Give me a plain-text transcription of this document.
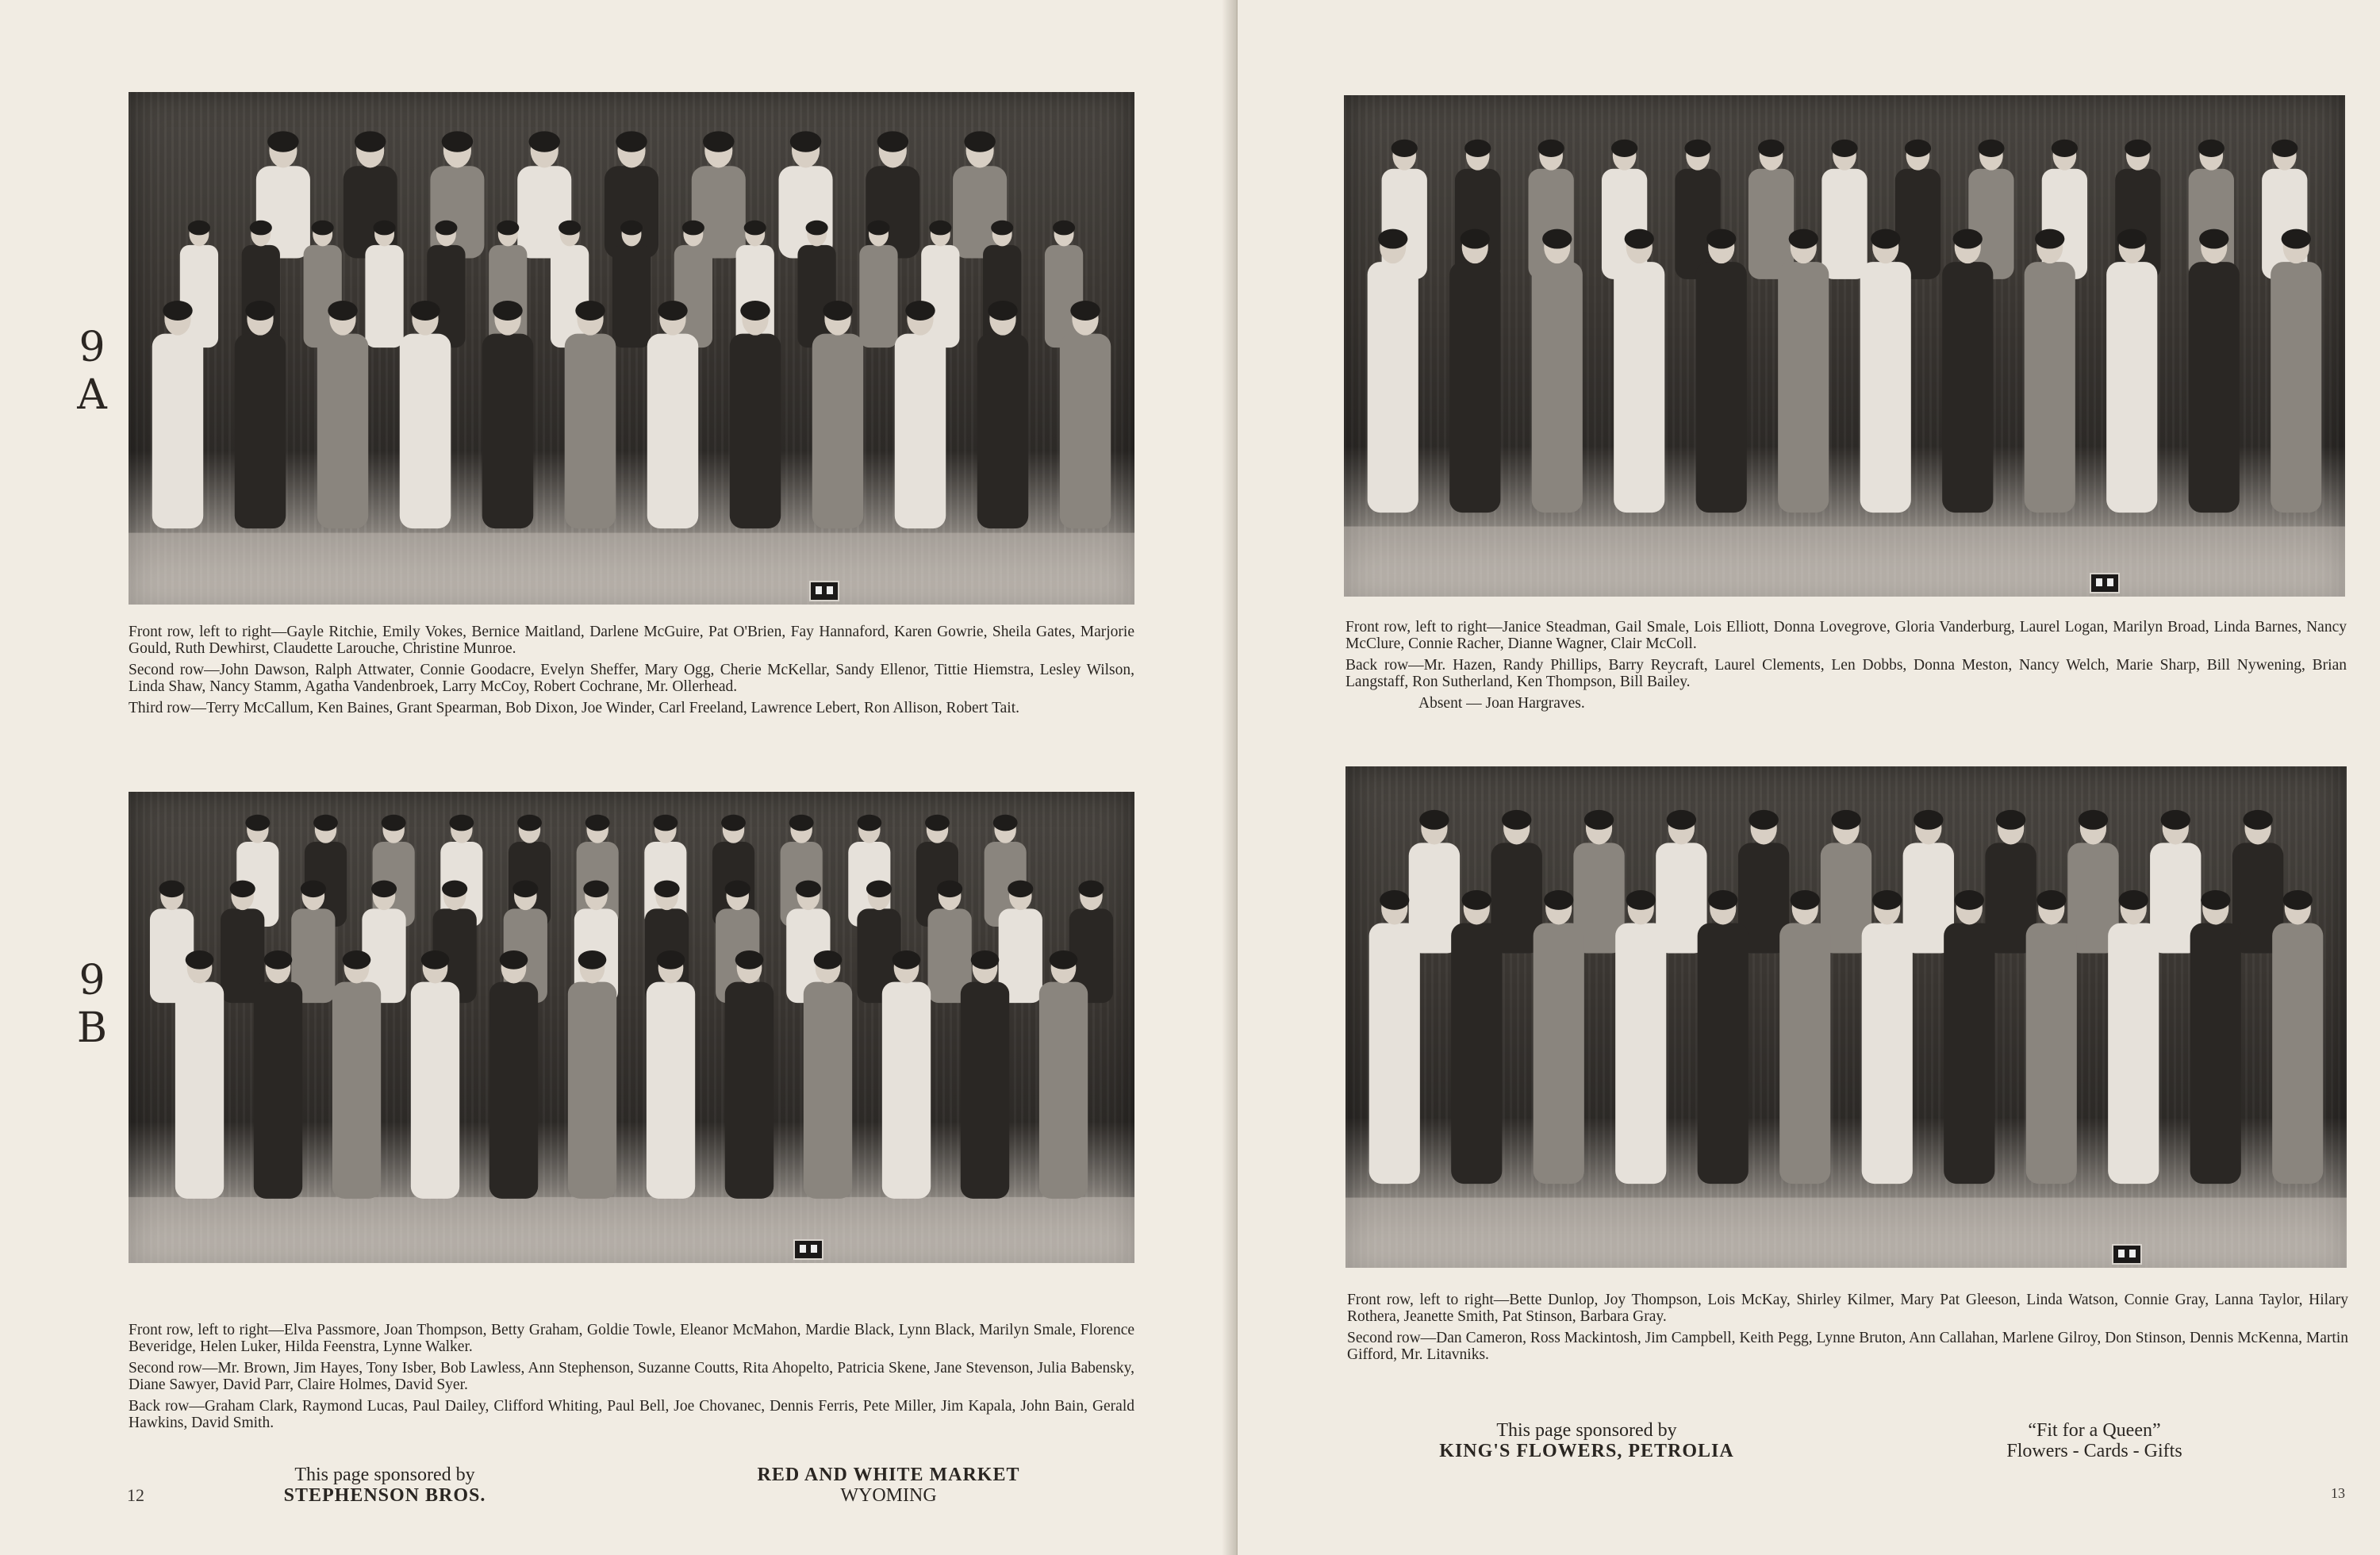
9
A

Front row, left to right—Gayle Ritchie, Emily Vokes, Bernice Maitland, Darlene McGuire, Pat O'Brien, Fay Hannaford, Karen Gowrie, Sheila Gates, Marjorie Gould, Ruth Dewhirst, Claudette Larouche, Christine Munroe.

Second row—John Dawson, Ralph Attwater, Connie Goodacre, Evelyn Sheffer, Mary Ogg, Cherie McKellar, Sandy Ellenor, Tittie Hiemstra, Lesley Wilson, Linda Shaw, Nancy Stamm, Agatha Vandenbroek, Larry McCoy, Robert Cochrane, Mr. Ollerhead.

Third row—Terry McCallum, Ken Baines, Grant Spearman, Bob Dixon, Joe Winder, Carl Freeland, Lawrence Lebert, Ron Allison, Robert Tait.

9
B

Front row, left to right—Elva Passmore, Joan Thompson, Betty Graham, Goldie Towle, Eleanor McMahon, Mardie Black, Lynn Black, Marilyn Smale, Florence Beveridge, Helen Luker, Hilda Feenstra, Lynne Walker.

Second row—Mr. Brown, Jim Hayes, Tony Isber, Bob Lawless, Ann Stephenson, Suzanne Coutts, Rita Ahopelto, Patricia Skene, Jane Stevenson, Julia Babensky, Diane Sawyer, David Parr, Claire Holmes, David Syer.

Back row—Graham Clark, Raymond Lucas, Paul Dailey, Clifford Whiting, Paul Bell, Joe Chovanec, Dennis Ferris, Pete Miller, Jim Kapala, John Bain, Gerald Hawkins, David Smith.

12
This page sponsored by
STEPHENSON BROS.
RED AND WHITE MARKET
WYOMING

Front row, left to right—Janice Steadman, Gail Smale, Lois Elliott, Donna Lovegrove, Gloria Vanderburg, Laurel Logan, Marilyn Broad, Linda Barnes, Nancy McClure, Connie Racher, Dianne Wagner, Clair McColl.

Back row—Mr. Hazen, Randy Phillips, Barry Reycraft, Laurel Clements, Len Dobbs, Donna Meston, Nancy Welch, Marie Sharp, Bill Nywening, Brian Langstaff, Ron Sutherland, Ken Thompson, Bill Bailey.

Absent — Joan Hargraves.

Front row, left to right—Bette Dunlop, Joy Thompson, Lois McKay, Shirley Kilmer, Mary Pat Gleeson, Linda Watson, Connie Gray, Lanna Taylor, Hilary Rothera, Jeanette Smith, Pat Stinson, Barbara Gray.

Second row—Dan Cameron, Ross Mackintosh, Jim Campbell, Keith Pegg, Lynne Bruton, Ann Callahan, Marlene Gilroy, Don Stinson, Dennis McKenna, Martin Gifford, Mr. Litavniks.

This page sponsored by
KING'S FLOWERS, PETROLIA
“Fit for a Queen”
Flowers - Cards - Gifts
13
